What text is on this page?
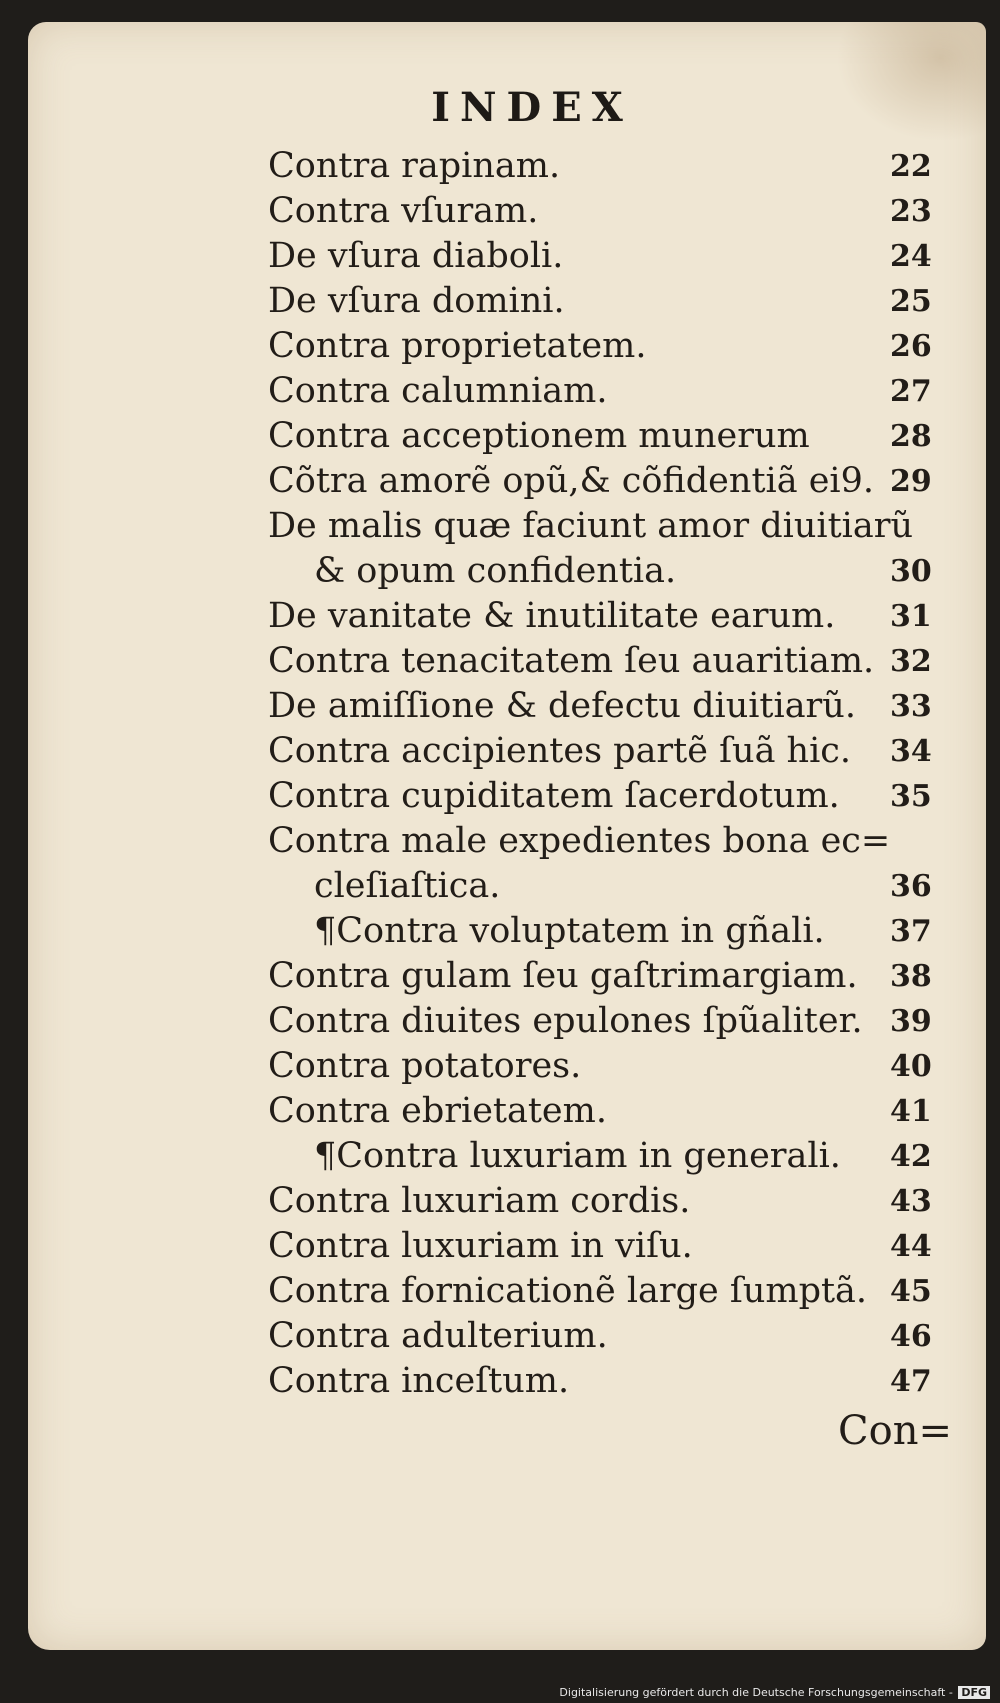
INDEX
Contra rapinam.	22
Contra vſuram.	23
De vſura diaboli.	24
De vſura domini.	25
Contra proprietatem.	26
Contra calumniam.	27
Contra acceptionem munerum	28
Cõtra amorẽ opũ,& cõfidentiã ei9. 29
De malis quæ faciunt amor diuitiarũ
& opum confidentia.	30
De vanitate & inutilitate earum. 31
Contra tenacitatem ſeu auaritiam. 32
De amiſſione & defectu diuitiarũ. 33
Contra accipientes partẽ ſuã hic. 34
Contra cupiditatem ſacerdotum. 35
Contra male expedientes bona ec=
cleſiaſtica.	36
¶Contra voluptatem in gñali. 37
Contra gulam ſeu gaſtrimargiam. 38
Contra diuites epulones ſpũaliter. 39
Contra potatores.	40
Contra ebrietatem.	41
¶Contra luxuriam in generali. 42
Contra luxuriam cordis.	43
Contra luxuriam in viſu.	44
Contra fornicationẽ large ſumptã. 45
Contra adulterium.	46
Contra inceſtum.	47
Con=
Digitalisierung gefördert durch die Deutsche Forschungsgemeinschaft - DFG
